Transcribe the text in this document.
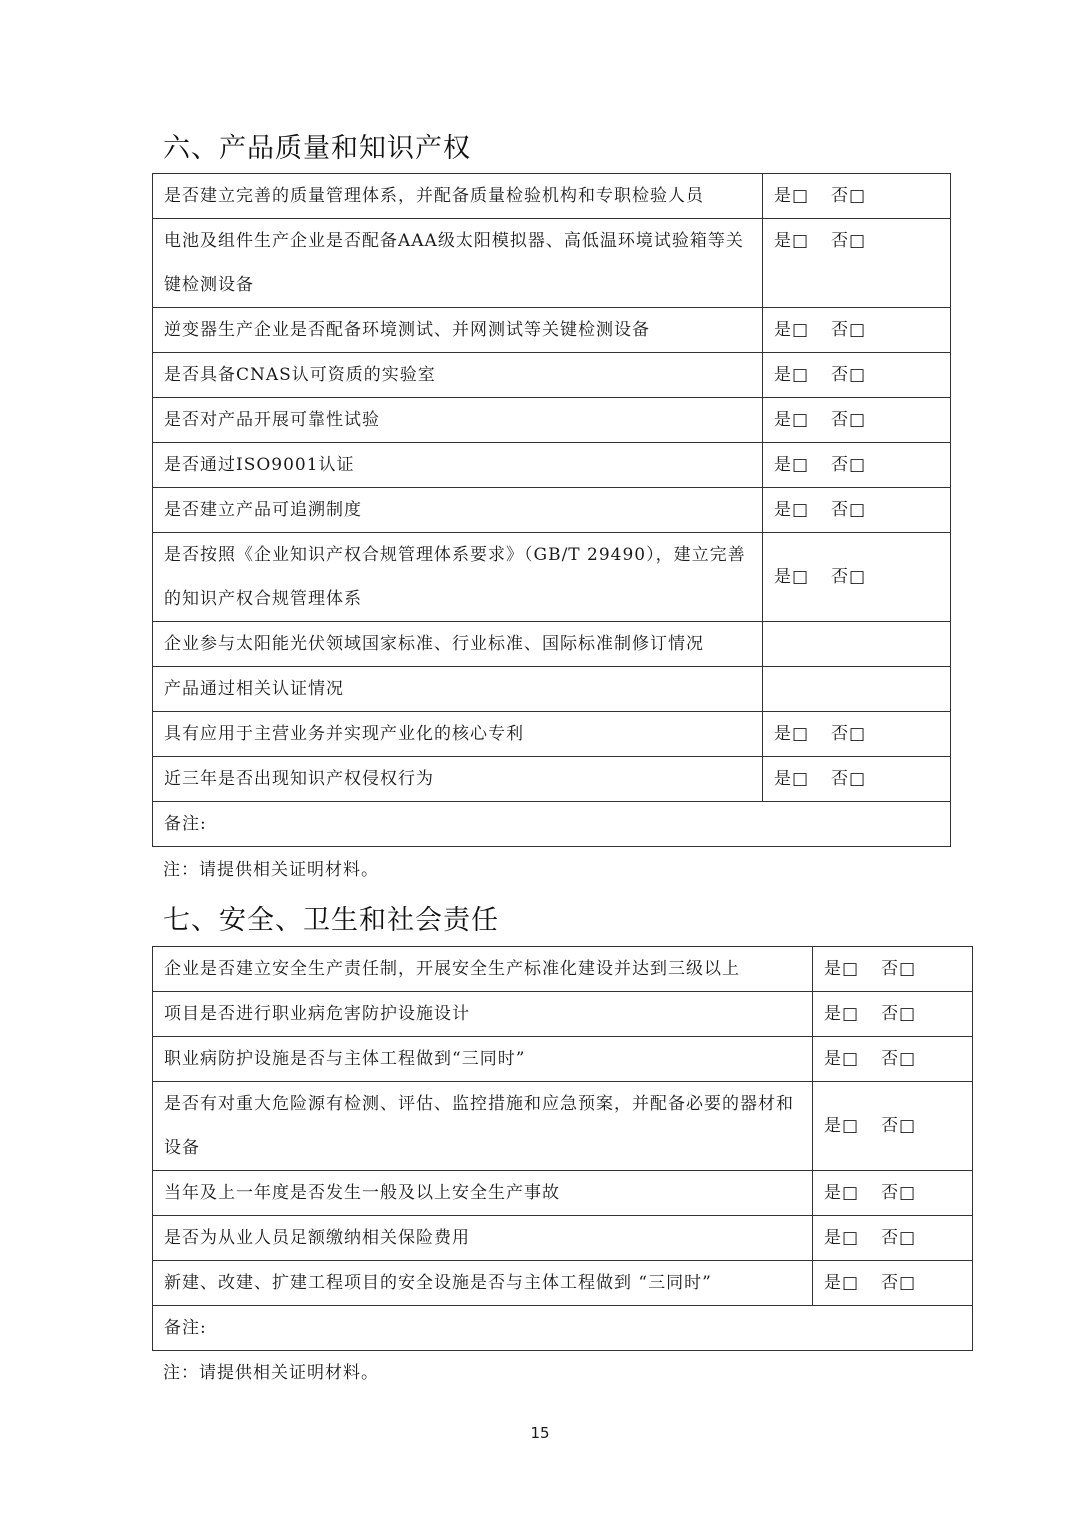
六、产品质量和知识产权
是否建立完善的质量管理体系，并配备质量检验机构和专职检验人员	是□ 否□
电池及组件生产企业是否配备AAA级太阳模拟器、高低温环境试验箱等关键检测设备	是□ 否□
逆变器生产企业是否配备环境测试、并网测试等关键检测设备	是□ 否□
是否具备CNAS认可资质的实验室	是□ 否□
是否对产品开展可靠性试验	是□ 否□
是否通过ISO9001认证	是□ 否□
是否建立产品可追溯制度	是□ 否□
是否按照《企业知识产权合规管理体系要求》（GB/T 29490），建立完善的知识产权合规管理体系	是□ 否□
企业参与太阳能光伏领域国家标准、行业标准、国际标准制修订情况	
产品通过相关认证情况	
具有应用于主营业务并实现产业化的核心专利	是□ 否□
近三年是否出现知识产权侵权行为	是□ 否□
备注:	
注：请提供相关证明材料。
七、安全、卫生和社会责任
企业是否建立安全生产责任制，开展安全生产标准化建设并达到三级以上	是□ 否□
项目是否进行职业病危害防护设施设计	是□ 否□
职业病防护设施是否与主体工程做到“三同时”	是□ 否□
是否有对重大危险源有检测、评估、监控措施和应急预案，并配备必要的器材和设备	是□ 否□
当年及上一年度是否发生一般及以上安全生产事故	是□ 否□
是否为从业人员足额缴纳相关保险费用	是□ 否□
新建、改建、扩建工程项目的安全设施是否与主体工程做到 “三同时”	是□ 否□
备注:	
注：请提供相关证明材料。
15
